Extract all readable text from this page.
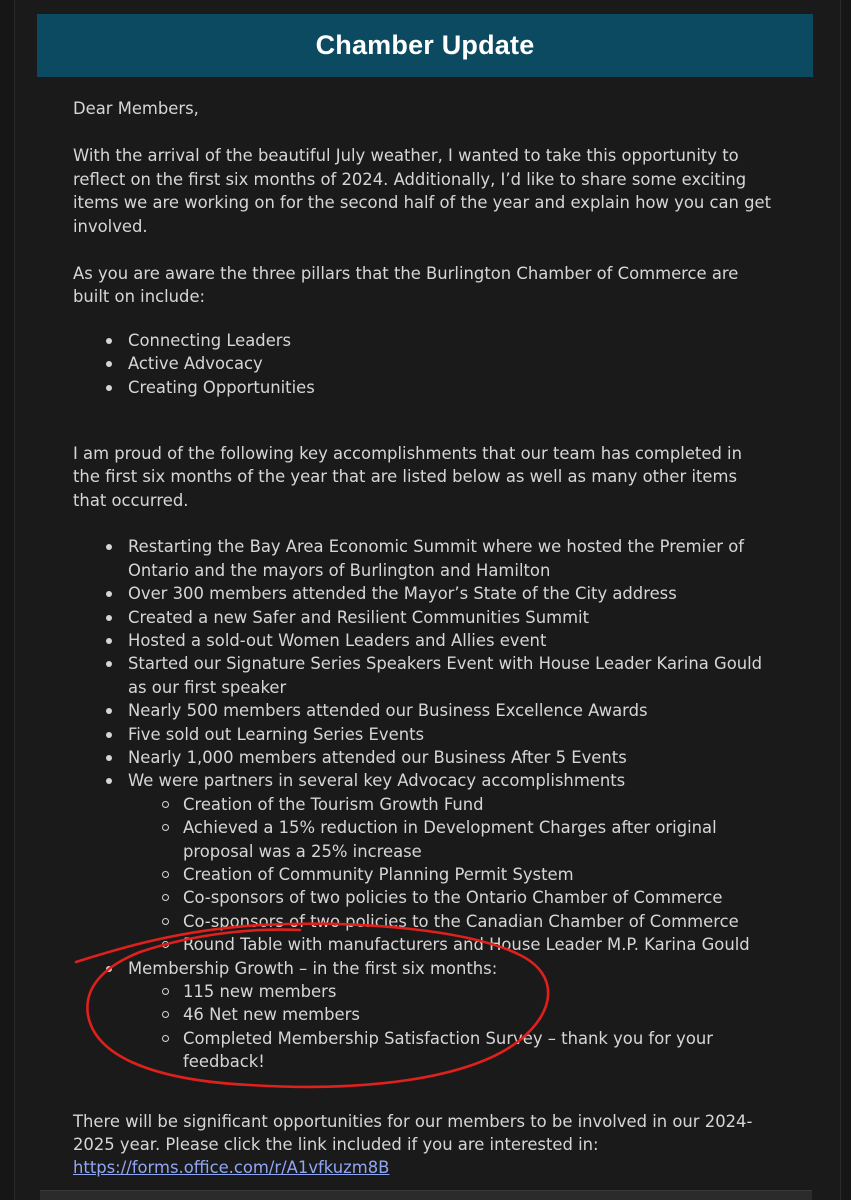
Chamber Update

Dear Members,

With the arrival of the beautiful July weather, I wanted to take this opportunity to reflect on the first six months of 2024. Additionally, I’d like to share some exciting items we are working on for the second half of the year and explain how you can get involved.

As you are aware the three pillars that the Burlington Chamber of Commerce are built on include:

Connecting Leaders
Active Advocacy
Creating Opportunities

I am proud of the following key accomplishments that our team has completed in the first six months of the year that are listed below as well as many other items that occurred.

Restarting the Bay Area Economic Summit where we hosted the Premier of Ontario and the mayors of Burlington and Hamilton
Over 300 members attended the Mayor’s State of the City address
Created a new Safer and Resilient Communities Summit
Hosted a sold-out Women Leaders and Allies event
Started our Signature Series Speakers Event with House Leader Karina Gould as our first speaker
Nearly 500 members attended our Business Excellence Awards
Five sold out Learning Series Events
Nearly 1,000 members attended our Business After 5 Events
We were partners in several key Advocacy accomplishments
Creation of the Tourism Growth Fund
Achieved a 15% reduction in Development Charges after original proposal was a 25% increase
Creation of Community Planning Permit System
Co-sponsors of two policies to the Ontario Chamber of Commerce
Co-sponsors of two policies to the Canadian Chamber of Commerce
Round Table with manufacturers and House Leader M.P. Karina Gould
Membership Growth – in the first six months:
115 new members
46 Net new members
Completed Membership Satisfaction Survey – thank you for your feedback!

There will be significant opportunities for our members to be involved in our 2024-2025 year. Please click the link included if you are interested in:
https://forms.office.com/r/A1vfkuzm8B
